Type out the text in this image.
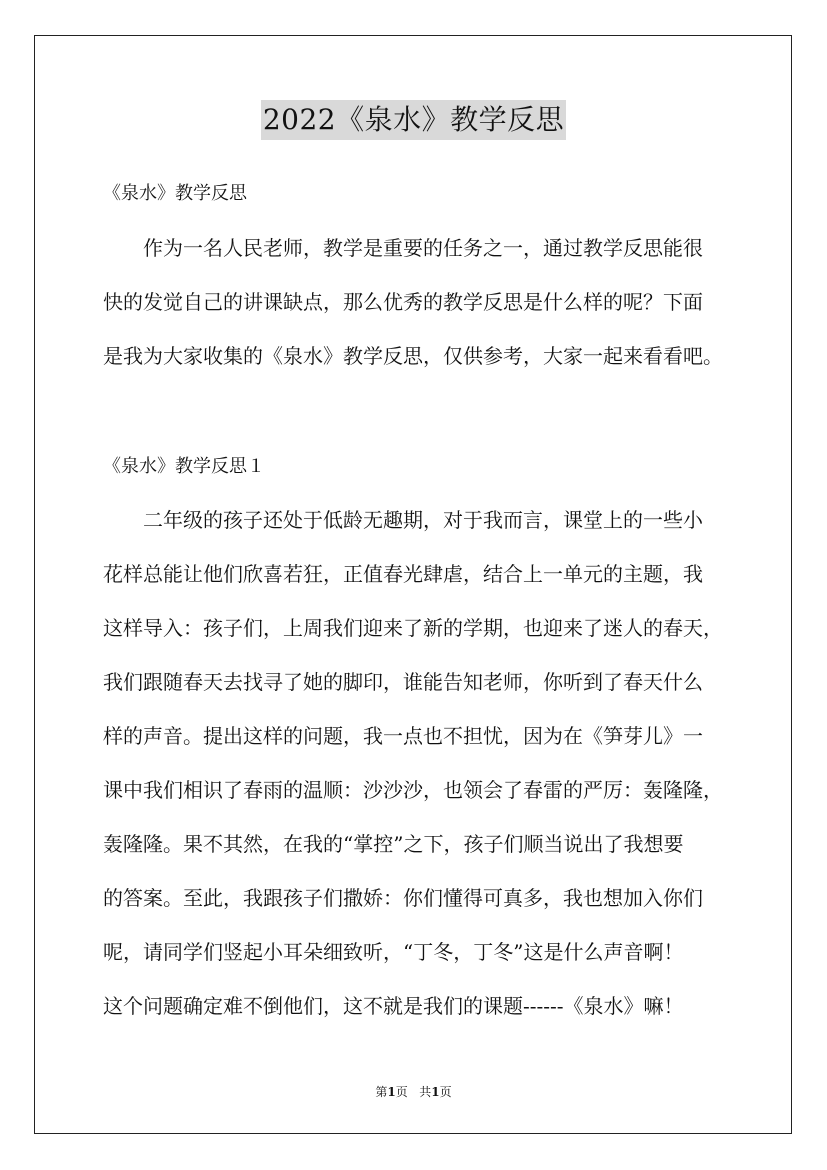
2022《泉水》教学反思
《泉水》教学反思
作为一名人民老师，教学是重要的任务之一，通过教学反思能很
快的发觉自己的讲课缺点，那么优秀的教学反思是什么样的呢？下面
是我为大家收集的《泉水》教学反思，仅供参考，大家一起来看看吧。
《泉水》教学反思１
二年级的孩子还处于低龄无趣期，对于我而言，课堂上的一些小
花样总能让他们欣喜若狂，正值春光肆虐，结合上一单元的主题，我
这样导入：孩子们，上周我们迎来了新的学期，也迎来了迷人的春天，
我们跟随春天去找寻了她的脚印，谁能告知老师，你听到了春天什么
样的声音。提出这样的问题，我一点也不担忧，因为在《笋芽儿》一
课中我们相识了春雨的温顺：沙沙沙，也领会了春雷的严厉：轰隆隆，
轰隆隆。果不其然，在我的“掌控”之下，孩子们顺当说出了我想要
的答案。至此，我跟孩子们撒娇：你们懂得可真多，我也想加入你们
呢，请同学们竖起小耳朵细致听，“丁冬，丁冬”这是什么声音啊！
这个问题确定难不倒他们，这不就是我们的课题------《泉水》嘛！
第1页 共1页
